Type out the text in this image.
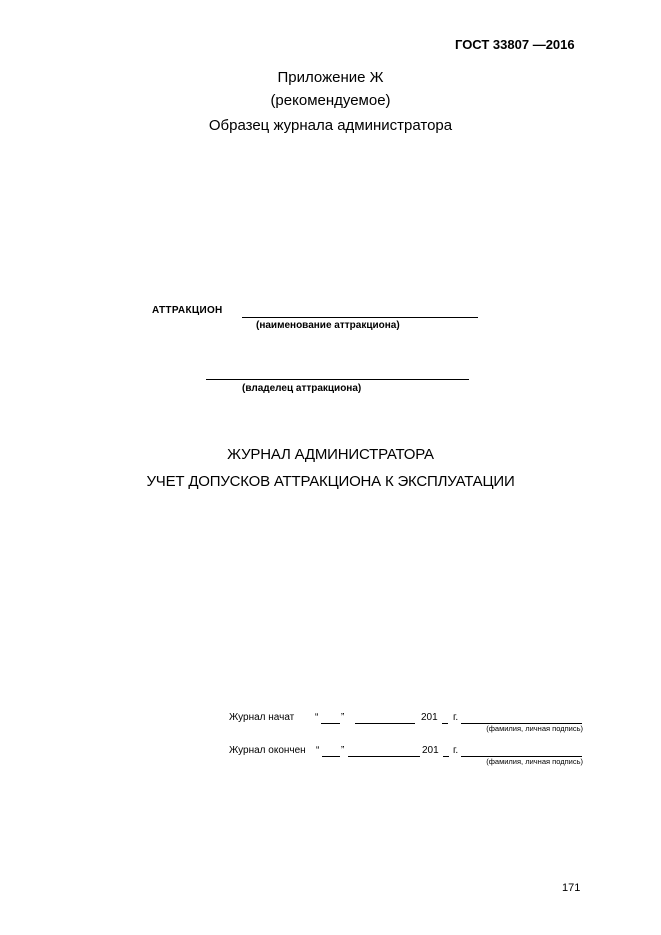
ГОСТ 33807 —2016
Приложение Ж
(рекомендуемое)
Образец журнала администратора
АТТРАКЦИОН
(наименование аттракциона)
(владелец аттракциона)
ЖУРНАЛ АДМИНИСТРАТОРА
УЧЕТ ДОПУСКОВ АТТРАКЦИОНА К ЭКСПЛУАТАЦИИ
Журнал начат “ ”	201 г.
(фамилия, личная подпись)
Журнал окончен “ ”	201 г.
(фамилия, личная подпись)
171
